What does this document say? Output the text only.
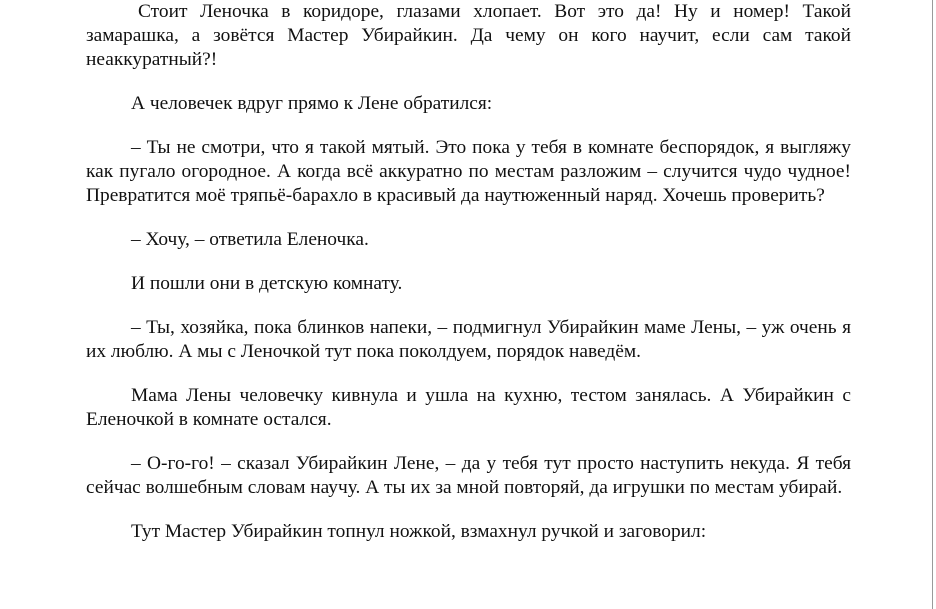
Стоит Леночка в коридоре, глазами хлопает. Вот это да! Ну и номер! Такой замарашка, а зовётся Мастер Убирайкин. Да чему он кого научит, если сам такой неаккуратный?!

А человечек вдруг прямо к Лене обратился:

– Ты не смотри, что я такой мятый. Это пока у тебя в комнате беспорядок, я выгляжу как пугало огородное. А когда всё аккуратно по местам разложим – случится чудо чудное! Превратится моё тряпьё-барахло в красивый да наутюженный наряд. Хочешь проверить?

– Хочу, – ответила Еленочка.

И пошли они в детскую комнату.

– Ты, хозяйка, пока блинков напеки, – подмигнул Убирайкин маме Лены, – уж очень я их люблю. А мы с Леночкой тут пока поколдуем, порядок наведём.

Мама Лены человечку кивнула и ушла на кухню, тестом занялась. А Убирайкин с Еленочкой в комнате остался.

– О-го-го! – сказал Убирайкин Лене, – да у тебя тут просто наступить некуда. Я тебя сейчас волшебным словам научу. А ты их за мной повторяй, да игрушки по местам убирай.

Тут Мастер Убирайкин топнул ножкой, взмахнул ручкой и заговорил:
